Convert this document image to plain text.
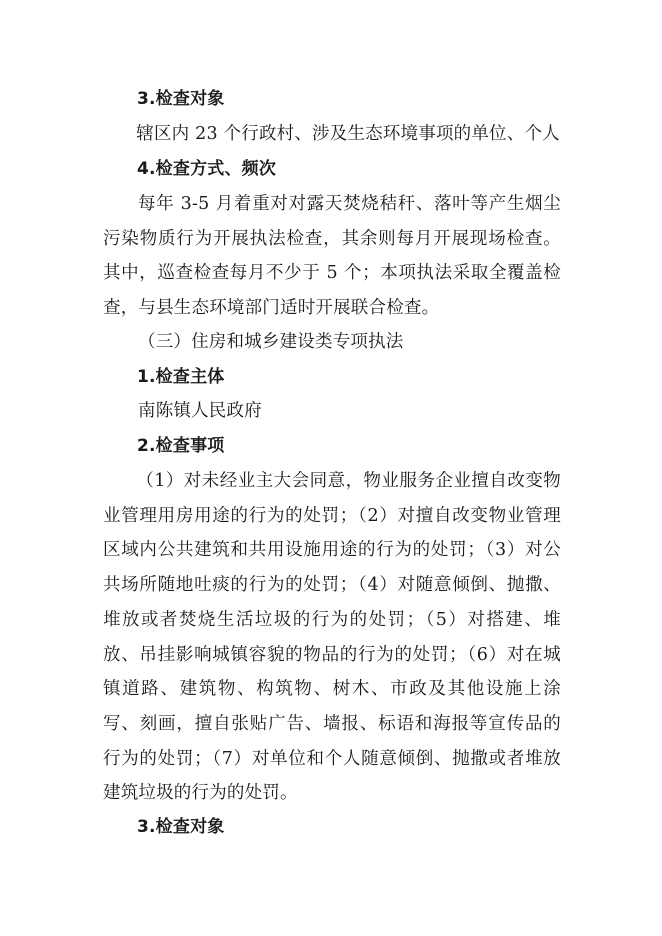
3.检查对象

辖区内 23 个行政村、涉及生态环境事项的单位、个人

4.检查方式、频次

每年 3-5 月着重对对露天焚烧秸秆、落叶等产生烟尘污染物质行为开展执法检查，其余则每月开展现场检查。其中，巡查检查每月不少于 5 个；本项执法采取全覆盖检查，与县生态环境部门适时开展联合检查。

（三）住房和城乡建设类专项执法

1.检查主体

南陈镇人民政府

2.检查事项

（1）对未经业主大会同意，物业服务企业擅自改变物业管理用房用途的行为的处罚；（2）对擅自改变物业管理区域内公共建筑和共用设施用途的行为的处罚；（3）对公共场所随地吐痰的行为的处罚；（4）对随意倾倒、抛撒、堆放或者焚烧生活垃圾的行为的处罚；（5）对搭建、堆放、吊挂影响城镇容貌的物品的行为的处罚；（6）对在城镇道路、建筑物、构筑物、树木、市政及其他设施上涂写、刻画，擅自张贴广告、墙报、标语和海报等宣传品的行为的处罚；（7）对单位和个人随意倾倒、抛撒或者堆放建筑垃圾的行为的处罚。

3.检查对象
